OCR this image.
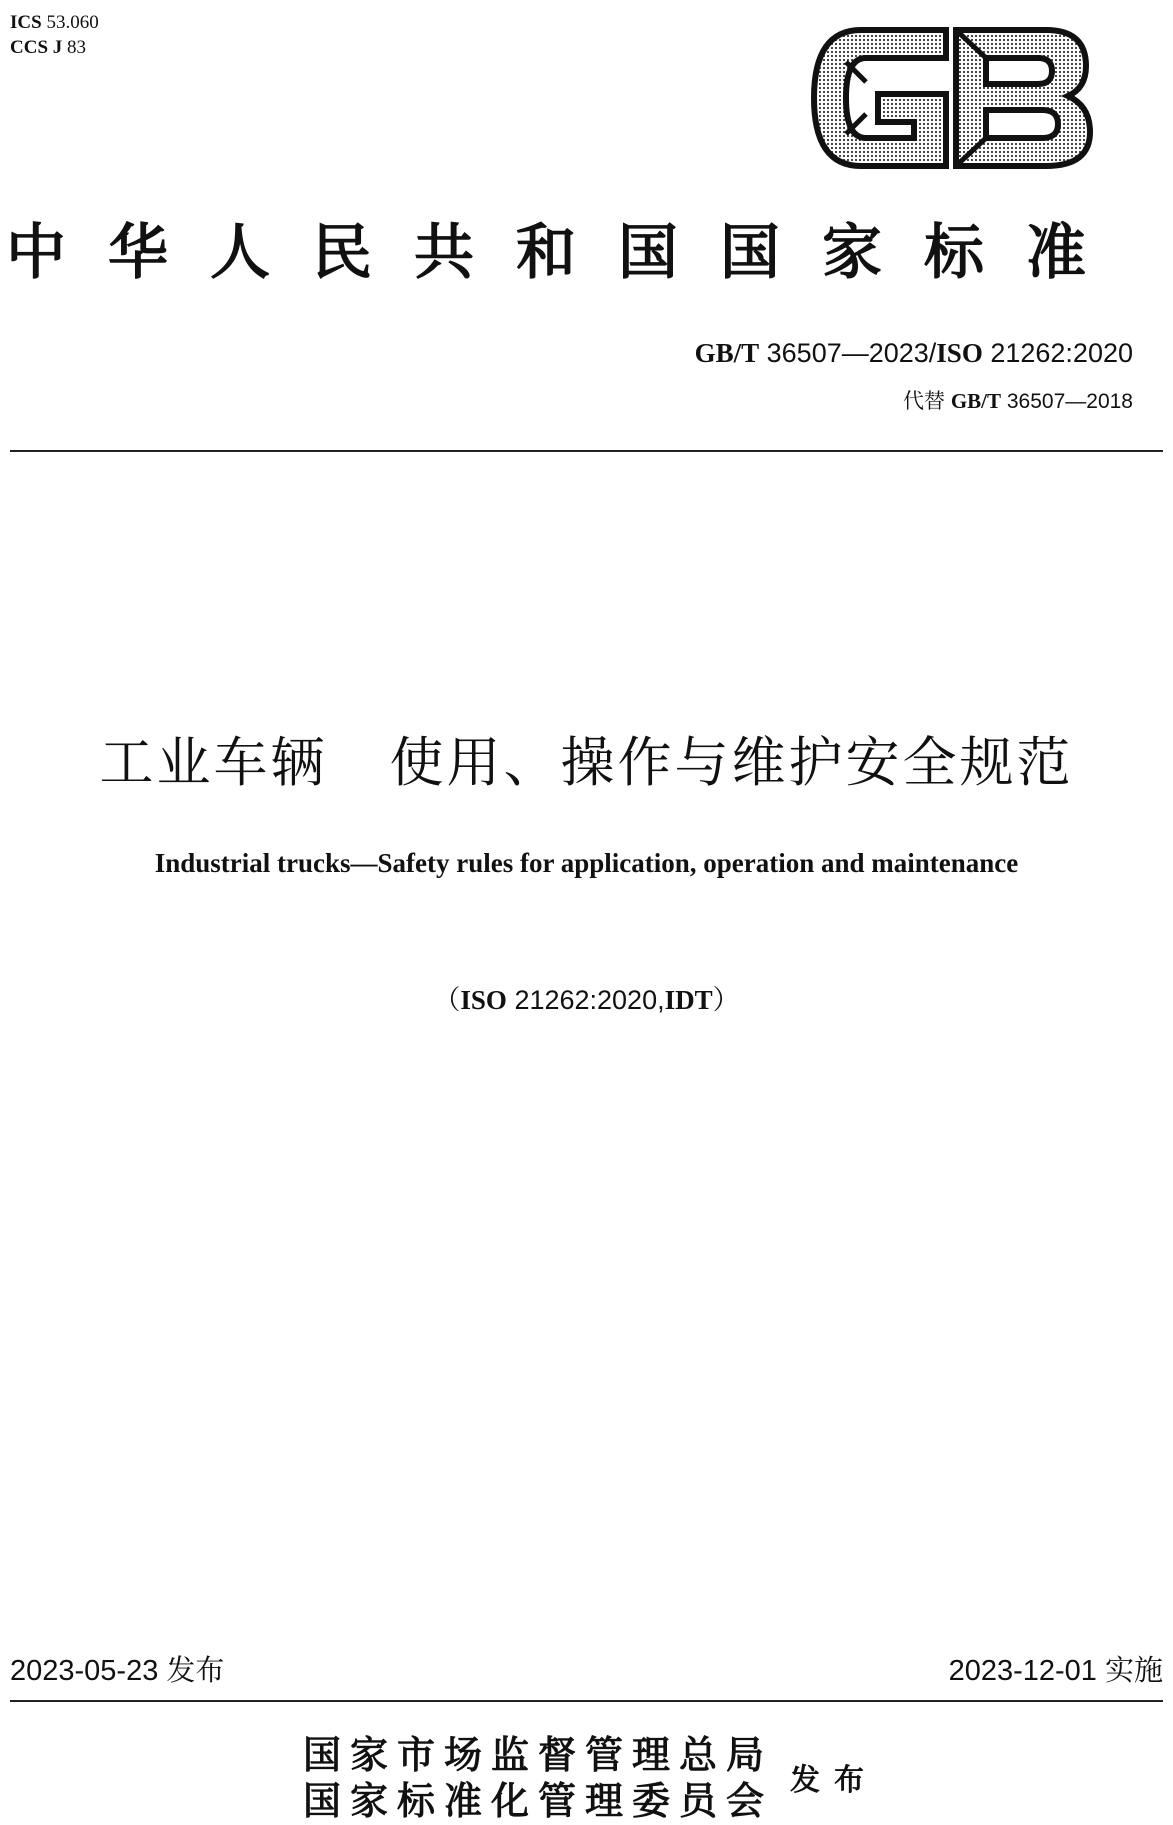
ICS 53.060
CCS J 83
中华人民共和国国家标准
GB/T 36507—2023/ISO 21262:2020
代替 GB/T 36507—2018
工业车辆 使用、操作与维护安全规范
Industrial trucks—Safety rules for application, operation and maintenance
（ISO 21262:2020,IDT）
2023-05-23 发布	2023-12-01 实施
国家市场监督管理总局
国家标准化管理委员会 发布
